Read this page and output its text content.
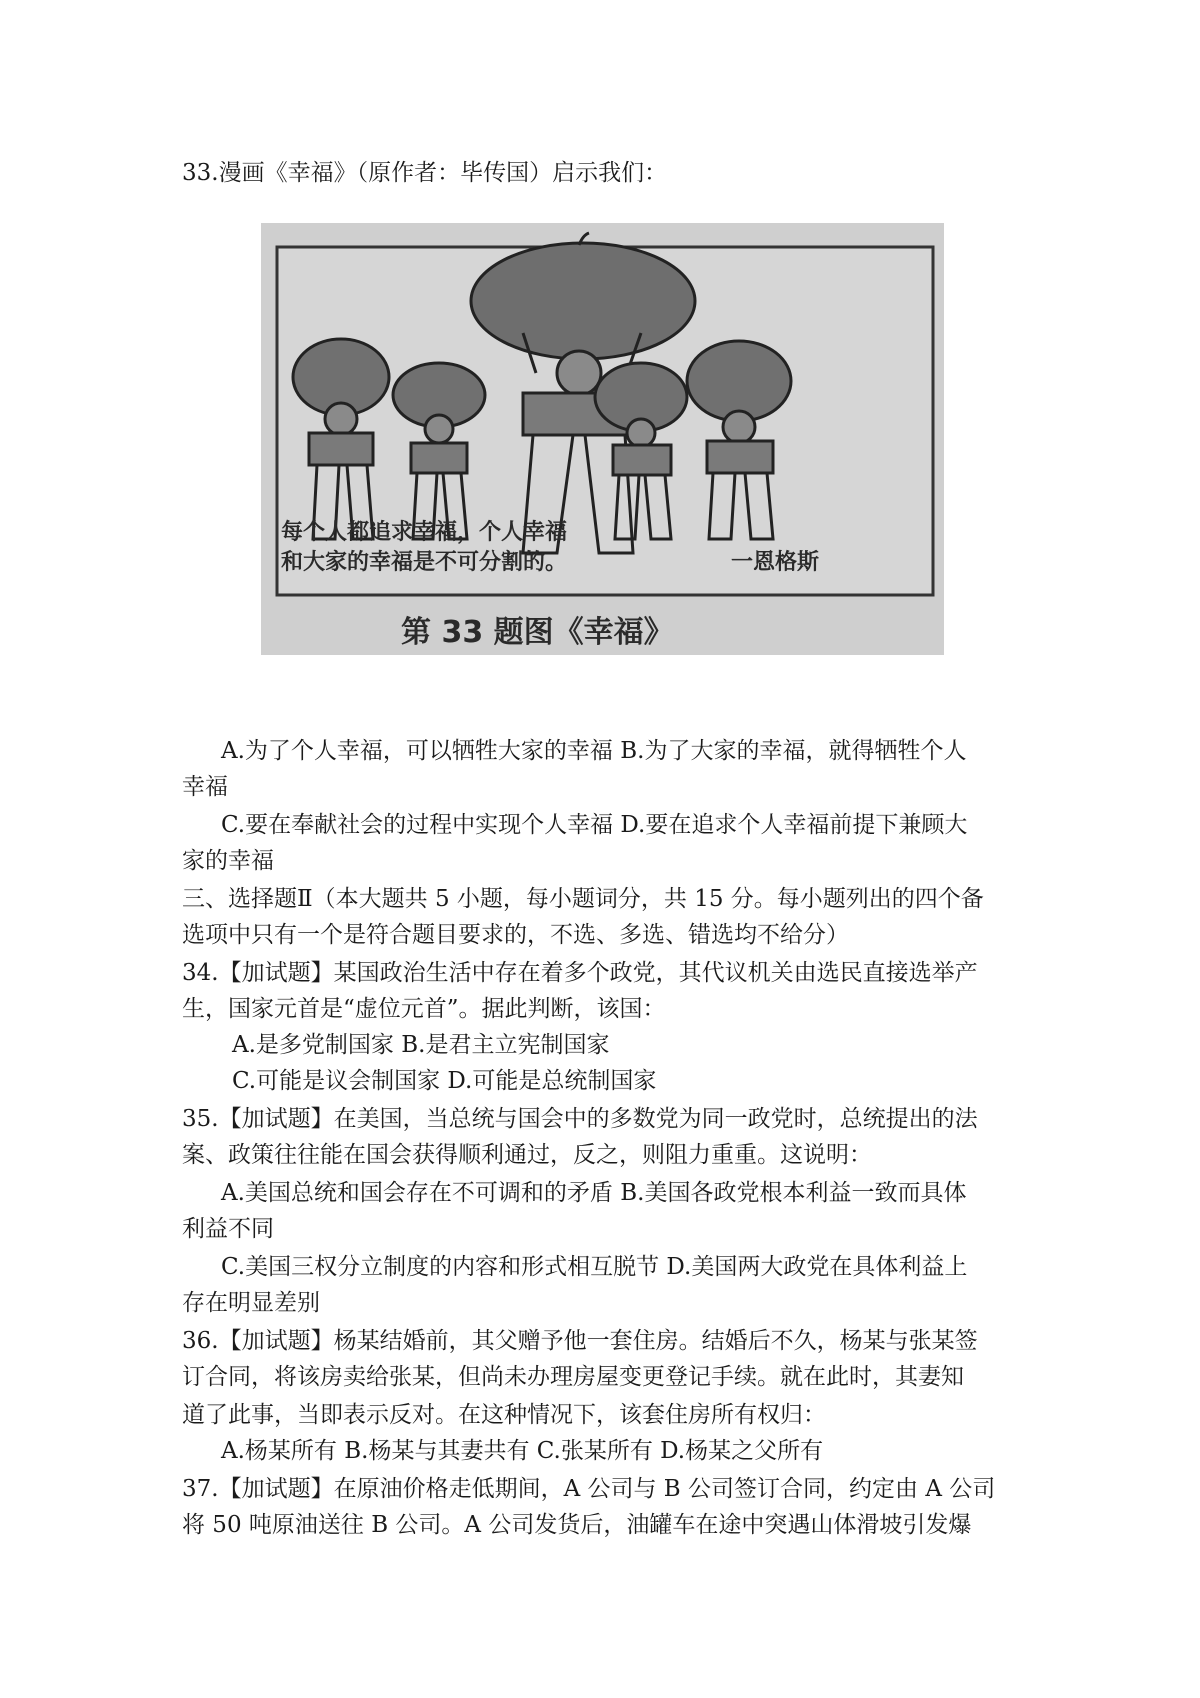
33.漫画《幸福》（原作者：毕传国）启示我们：
每个人都追求幸福，个人幸福
和大家的幸福是不可分割的。	一恩格斯
第 33 题图《幸福》
A.为了个人幸福，可以牺牲大家的幸福 B.为了大家的幸福，就得牺牲个人
幸福
C.要在奉献社会的过程中实现个人幸福 D.要在追求个人幸福前提下兼顾大
家的幸福
三、选择题Ⅱ（本大题共 5 小题，每小题词分，共 15 分。每小题列出的四个备
选项中只有一个是符合题目要求的，不选、多选、错选均不给分）
34.【加试题】某国政治生活中存在着多个政党，其代议机关由选民直接选举产
生，国家元首是“虚位元首”。据此判断，该国：
A.是多党制国家 B.是君主立宪制国家
C.可能是议会制国家 D.可能是总统制国家
35.【加试题】在美国，当总统与国会中的多数党为同一政党时，总统提出的法
案、政策往往能在国会获得顺利通过，反之，则阻力重重。这说明：
A.美国总统和国会存在不可调和的矛盾 B.美国各政党根本利益一致而具体
利益不同
C.美国三权分立制度的内容和形式相互脱节 D.美国两大政党在具体利益上
存在明显差别
36.【加试题】杨某结婚前，其父赠予他一套住房。结婚后不久，杨某与张某签
订合同，将该房卖给张某，但尚未办理房屋变更登记手续。就在此时，其妻知
道了此事，当即表示反对。在这种情况下，该套住房所有权归：
A.杨某所有 B.杨某与其妻共有 C.张某所有 D.杨某之父所有
37.【加试题】在原油价格走低期间，A 公司与 B 公司签订合同，约定由 A 公司
将 50 吨原油送往 B 公司。A 公司发货后，油罐车在途中突遇山体滑坡引发爆
